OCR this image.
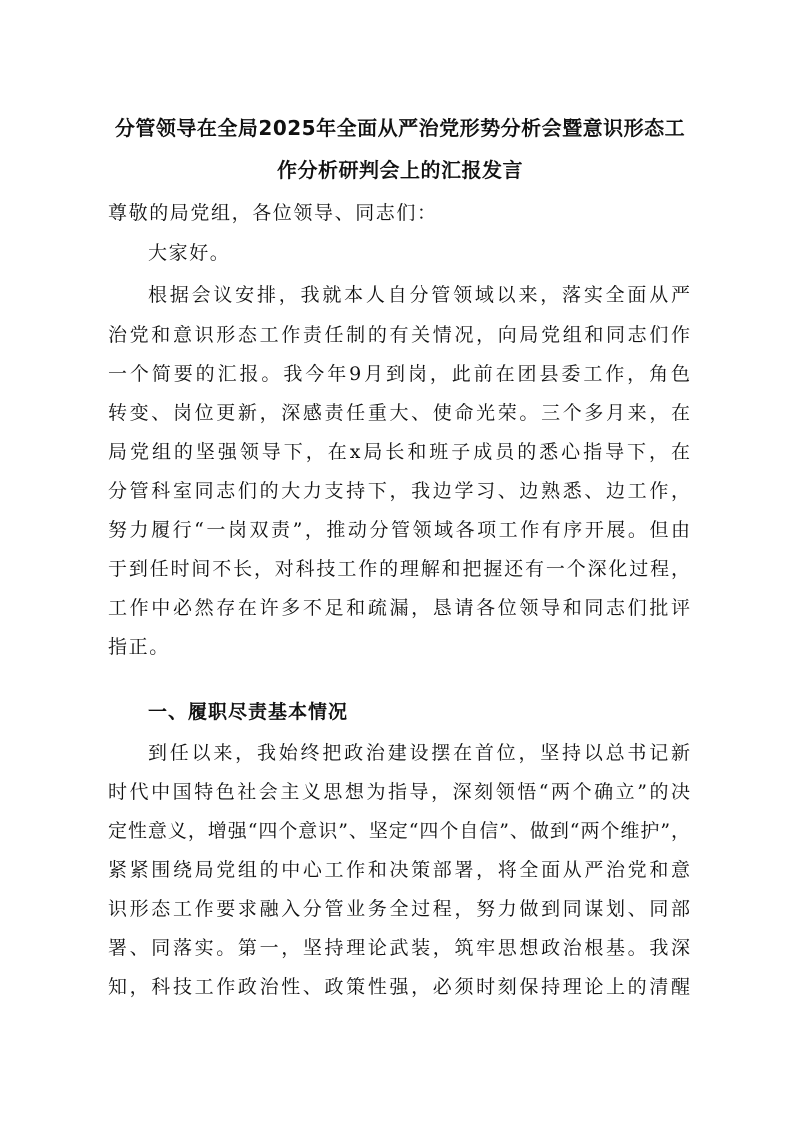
分管领导在全局2025年全面从严治党形势分析会暨意识形态工
作分析研判会上的汇报发言
尊敬的局党组，各位领导、同志们：
大家好。
根据会议安排，我就本人自分管领域以来，落实全面从严
治党和意识形态工作责任制的有关情况，向局党组和同志们作
一个简要的汇报。我今年9月到岗，此前在团县委工作，角色
转变、岗位更新，深感责任重大、使命光荣。三个多月来，在
局党组的坚强领导下，在x局长和班子成员的悉心指导下，在
分管科室同志们的大力支持下，我边学习、边熟悉、边工作，
努力履行“一岗双责”，推动分管领域各项工作有序开展。但由
于到任时间不长，对科技工作的理解和把握还有一个深化过程，
工作中必然存在许多不足和疏漏，恳请各位领导和同志们批评
指正。
一、履职尽责基本情况
到任以来，我始终把政治建设摆在首位，坚持以总书记新
时代中国特色社会主义思想为指导，深刻领悟“两个确立”的决
定性意义，增强“四个意识”、坚定“四个自信”、做到“两个维护”，
紧紧围绕局党组的中心工作和决策部署，将全面从严治党和意
识形态工作要求融入分管业务全过程，努力做到同谋划、同部
署、同落实。第一，坚持理论武装，筑牢思想政治根基。我深
知，科技工作政治性、政策性强，必须时刻保持理论上的清醒
